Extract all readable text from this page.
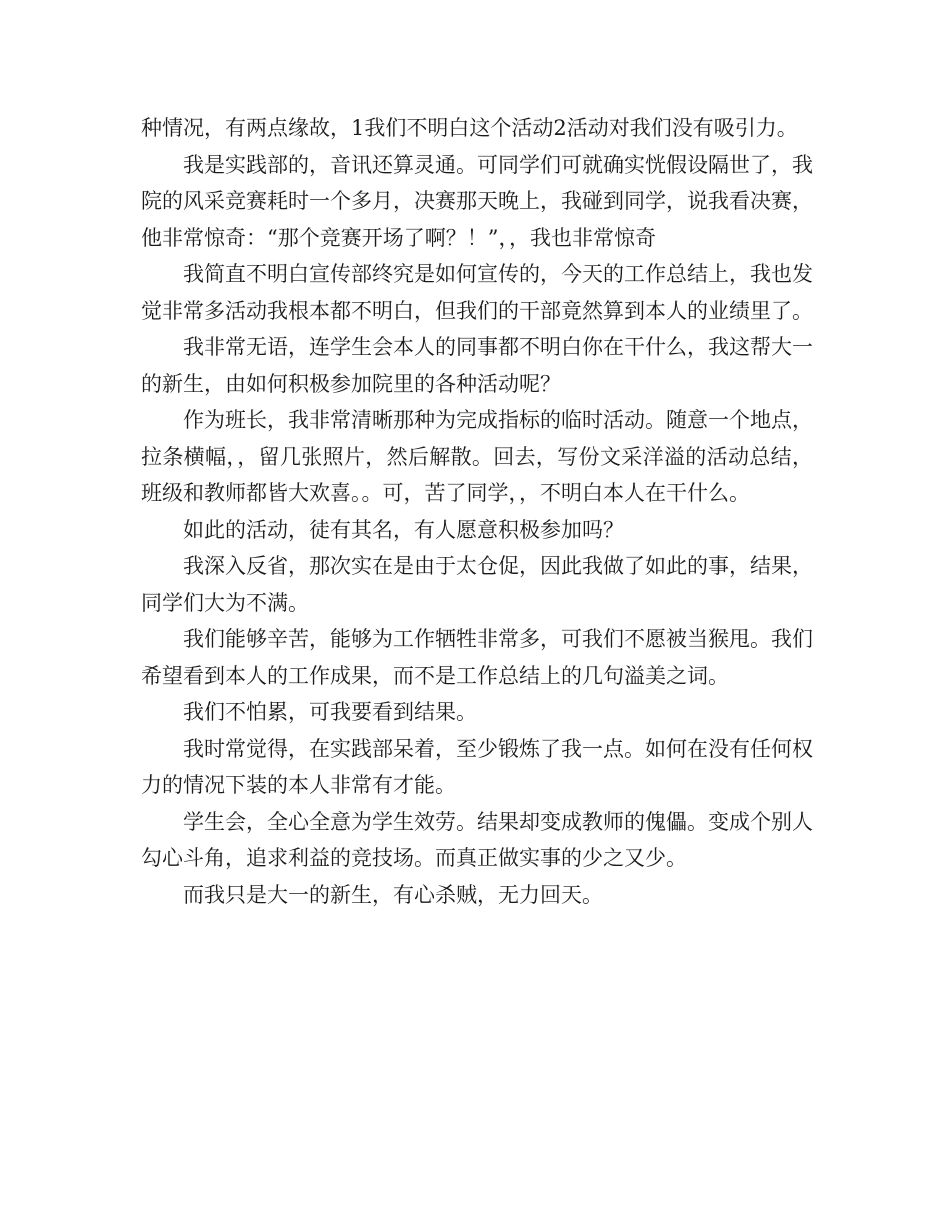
种情况，有两点缘故，1我们不明白这个活动2活动对我们没有吸引力。

我是实践部的，音讯还算灵通。可同学们可就确实恍假设隔世了，我院的风采竞赛耗时一个多月，决赛那天晚上，我碰到同学，说我看决赛，他非常惊奇：“那个竞赛开场了啊？！”，，我也非常惊奇

我简直不明白宣传部终究是如何宣传的，今天的工作总结上，我也发觉非常多活动我根本都不明白，但我们的干部竟然算到本人的业绩里了。

我非常无语，连学生会本人的同事都不明白你在干什么，我这帮大一的新生，由如何积极参加院里的各种活动呢？

作为班长，我非常清晰那种为完成指标的临时活动。随意一个地点，拉条横幅，，留几张照片，然后解散。回去，写份文采洋溢的活动总结，班级和教师都皆大欢喜。。可，苦了同学，，不明白本人在干什么。

如此的活动，徒有其名，有人愿意积极参加吗？

我深入反省，那次实在是由于太仓促，因此我做了如此的事，结果，同学们大为不满。

我们能够辛苦，能够为工作牺牲非常多，可我们不愿被当猴甩。我们希望看到本人的工作成果，而不是工作总结上的几句溢美之词。

我们不怕累，可我要看到结果。

我时常觉得，在实践部呆着，至少锻炼了我一点。如何在没有任何权力的情况下装的本人非常有才能。

学生会，全心全意为学生效劳。结果却变成教师的傀儡。变成个别人勾心斗角，追求利益的竞技场。而真正做实事的少之又少。

而我只是大一的新生，有心杀贼，无力回天。
